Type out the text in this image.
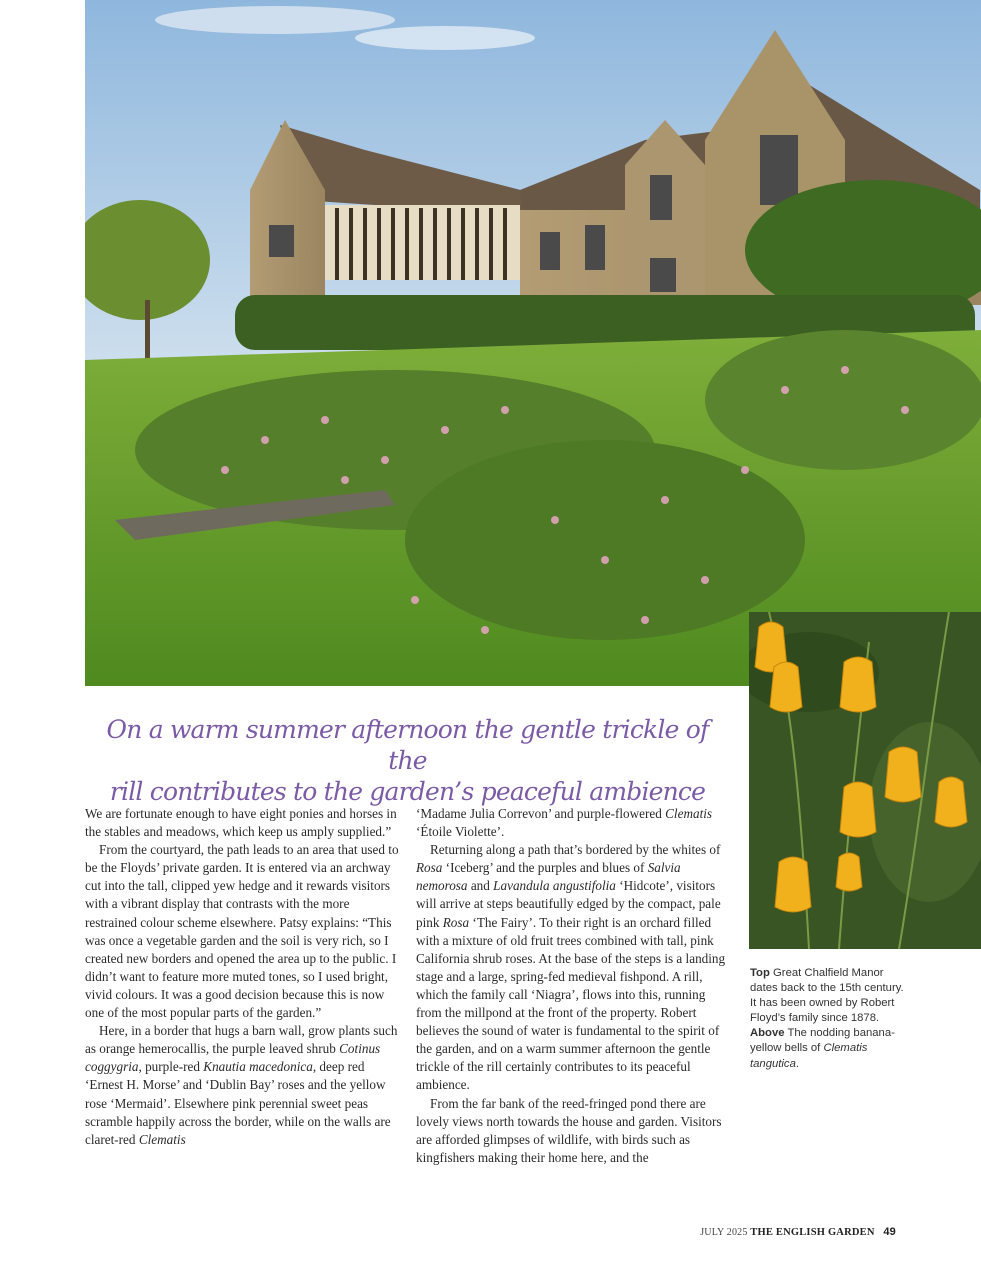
On a warm summer afternoon the gentle trickle of the
rill contributes to the garden’s peaceful ambience

We are fortunate enough to have eight ponies and horses in the stables and meadows, which keep us amply supplied.”

From the courtyard, the path leads to an area that used to be the Floyds’ private garden. It is entered via an archway cut into the tall, clipped yew hedge and it rewards visitors with a vibrant display that contrasts with the more restrained colour scheme elsewhere. Patsy explains: “This was once a vegetable garden and the soil is very rich, so I created new borders and opened the area up to the public. I didn’t want to feature more muted tones, so I used bright, vivid colours. It was a good decision because this is now one of the most popular parts of the garden.”

Here, in a border that hugs a barn wall, grow plants such as orange hemerocallis, the purple leaved shrub Cotinus coggygria, purple-red Knautia macedonica, deep red ‘Ernest H. Morse’ and ‘Dublin Bay’ roses and the yellow rose ‘Mermaid’. Elsewhere pink perennial sweet peas scramble happily across the border, while on the walls are claret-red Clematis

‘Madame Julia Correvon’ and purple-flowered Clematis ‘Étoile Violette’.

Returning along a path that’s bordered by the whites of Rosa ‘Iceberg’ and the purples and blues of Salvia nemorosa and Lavandula angustifolia ‘Hidcote’, visitors will arrive at steps beautifully edged by the compact, pale pink Rosa ‘The Fairy’. To their right is an orchard filled with a mixture of old fruit trees combined with tall, pink California shrub roses. At the base of the steps is a landing stage and a large, spring-fed medieval fishpond. A rill, which the family call ‘Niagra’, flows into this, running from the millpond at the front of the property. Robert believes the sound of water is fundamental to the spirit of the garden, and on a warm summer afternoon the gentle trickle of the rill certainly contributes to its peaceful ambience.

From the far bank of the reed-fringed pond there are lovely views north towards the house and garden. Visitors are afforded glimpses of wildlife, with birds such as kingfishers making their home here, and the

Top Great Chalfield Manor dates back to the 15th century. It has been owned by Robert Floyd’s family since 1878.
Above The nodding banana-yellow bells of Clematis tangutica.
JULY 2025 THE ENGLISH GARDEN 49
